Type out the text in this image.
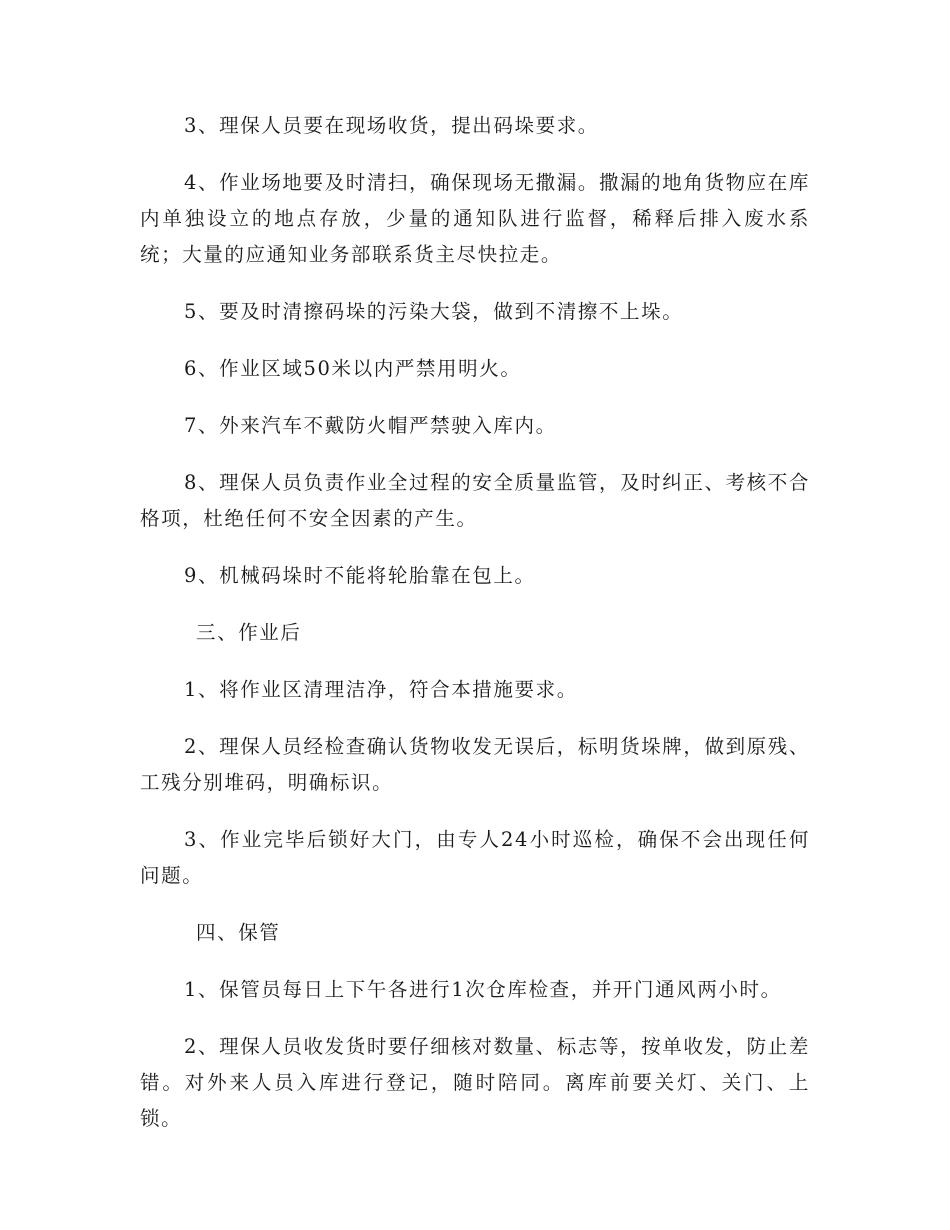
3、理保人员要在现场收货，提出码垛要求。

4、作业场地要及时清扫，确保现场无撒漏。撒漏的地角货物应在库内单独设立的地点存放，少量的通知队进行监督，稀释后排入废水系统；大量的应通知业务部联系货主尽快拉走。

5、要及时清擦码垛的污染大袋，做到不清擦不上垛。

6、作业区域50米以内严禁用明火。

7、外来汽车不戴防火帽严禁驶入库内。

8、理保人员负责作业全过程的安全质量监管，及时纠正、考核不合格项，杜绝任何不安全因素的产生。

9、机械码垛时不能将轮胎靠在包上。

三、作业后

1、将作业区清理洁净，符合本措施要求。

2、理保人员经检查确认货物收发无误后，标明货垛牌，做到原残、工残分别堆码，明确标识。

3、作业完毕后锁好大门，由专人24小时巡检，确保不会出现任何问题。

四、保管

1、保管员每日上下午各进行1次仓库检查，并开门通风两小时。

2、理保人员收发货时要仔细核对数量、标志等，按单收发，防止差错。对外来人员入库进行登记，随时陪同。离库前要关灯、关门、上锁。
